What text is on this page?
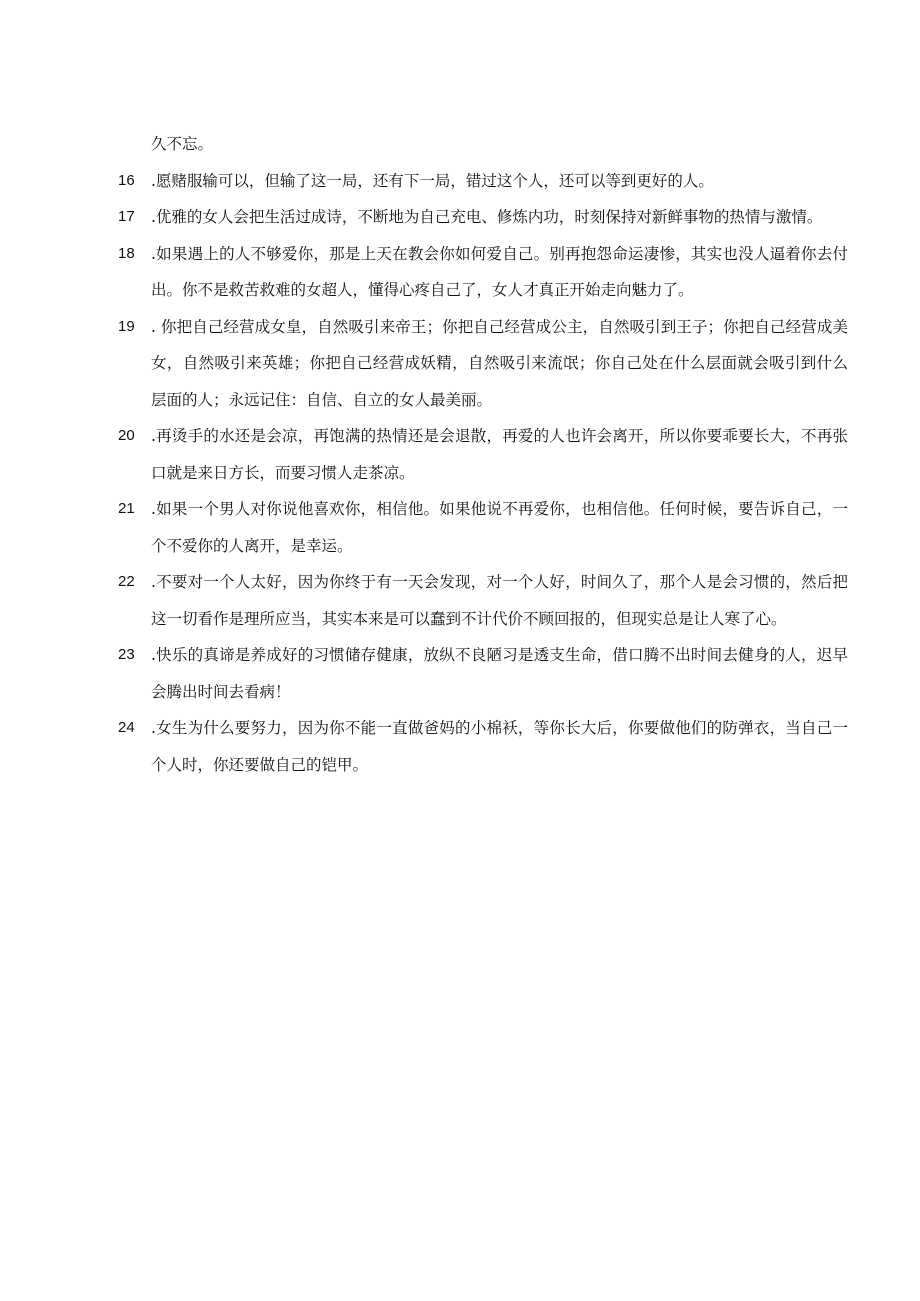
久不忘。
16	.愿赌服输可以，但输了这一局，还有下一局，错过这个人，还可以等到更好的人。
17	.优雅的女人会把生活过成诗，不断地为自己充电、修炼内功，时刻保持对新鲜事物的热情与激情。
18	.如果遇上的人不够爱你，那是上天在教会你如何爱自己。别再抱怨命运凄惨，其实也没人逼着你去付出。你不是救苦救难的女超人，懂得心疼自己了，女人才真正开始走向魅力了。
19	. 你把自己经营成女皇，自然吸引来帝王；你把自己经营成公主，自然吸引到王子；你把自己经营成美女，自然吸引来英雄；你把自己经营成妖精，自然吸引来流氓；你自己处在什么层面就会吸引到什么层面的人；永远记住：自信、自立的女人最美丽。
20	.再烫手的水还是会凉，再饱满的热情还是会退散，再爱的人也许会离开，所以你要乖要长大，不再张口就是来日方长，而要习惯人走茶凉。
21	.如果一个男人对你说他喜欢你，相信他。如果他说不再爱你，也相信他。任何时候，要告诉自己，一个不爱你的人离开，是幸运。
22	.不要对一个人太好，因为你终于有一天会发现，对一个人好，时间久了，那个人是会习惯的，然后把这一切看作是理所应当，其实本来是可以蠢到不计代价不顾回报的，但现实总是让人寒了心。
23	.快乐的真谛是养成好的习惯储存健康，放纵不良陋习是透支生命，借口腾不出时间去健身的人，迟早会腾出时间去看病！
24	.女生为什么要努力，因为你不能一直做爸妈的小棉袄，等你长大后，你要做他们的防弹衣，当自己一个人时，你还要做自己的铠甲。
